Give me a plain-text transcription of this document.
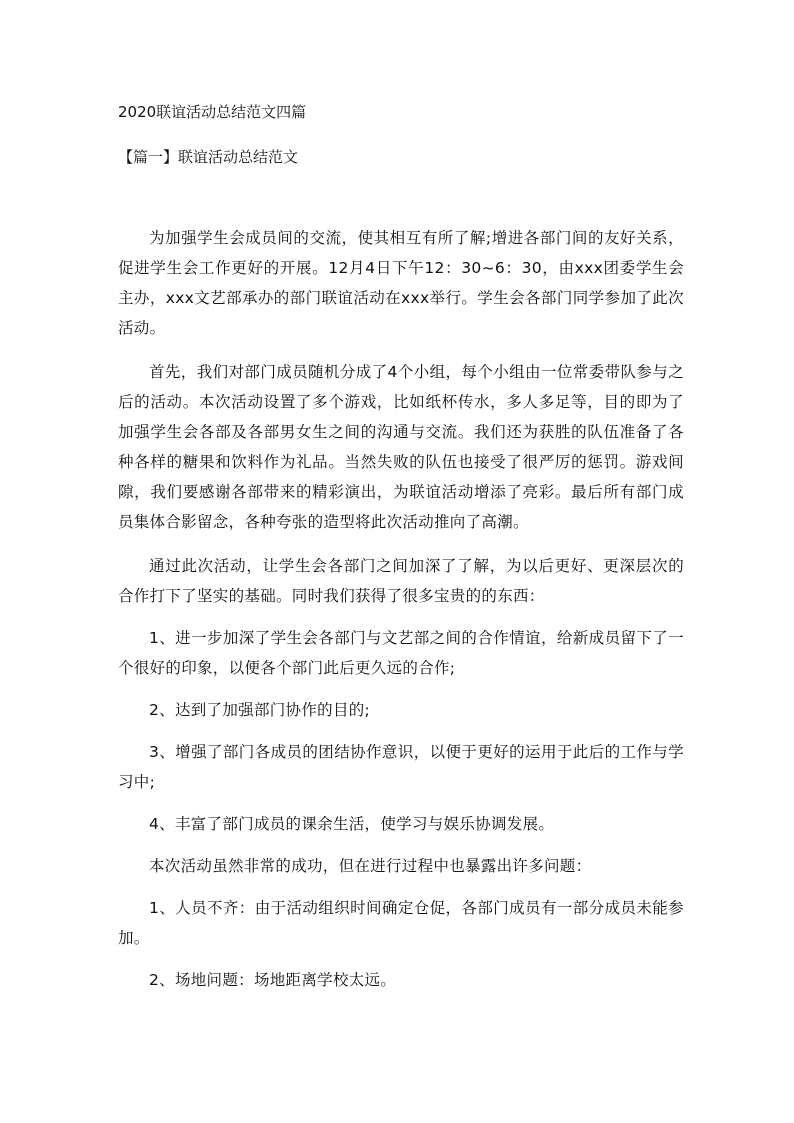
2020联谊活动总结范文四篇
【篇一】联谊活动总结范文

为加强学生会成员间的交流，使其相互有所了解;增进各部门间的友好关系，促进学生会工作更好的开展。12月4日下午12：30~6：30，由xxx团委学生会主办，xxx文艺部承办的部门联谊活动在xxx举行。学生会各部门同学参加了此次活动。

首先，我们对部门成员随机分成了4个小组，每个小组由一位常委带队参与之后的活动。本次活动设置了多个游戏，比如纸杯传水，多人多足等，目的即为了加强学生会各部及各部男女生之间的沟通与交流。我们还为获胜的队伍准备了各种各样的糖果和饮料作为礼品。当然失败的队伍也接受了很严厉的惩罚。游戏间隙，我们要感谢各部带来的精彩演出，为联谊活动增添了亮彩。最后所有部门成员集体合影留念，各种夸张的造型将此次活动推向了高潮。

通过此次活动，让学生会各部门之间加深了了解，为以后更好、更深层次的合作打下了坚实的基础。同时我们获得了很多宝贵的的东西：

1、进一步加深了学生会各部门与文艺部之间的合作情谊，给新成员留下了一个很好的印象，以便各个部门此后更久远的合作;

2、达到了加强部门协作的目的;

3、增强了部门各成员的团结协作意识，以便于更好的运用于此后的工作与学习中;

4、丰富了部门成员的课余生活，使学习与娱乐协调发展。

本次活动虽然非常的成功，但在进行过程中也暴露出许多问题：

1、人员不齐：由于活动组织时间确定仓促，各部门成员有一部分成员未能参加。

2、场地问题：场地距离学校太远。
